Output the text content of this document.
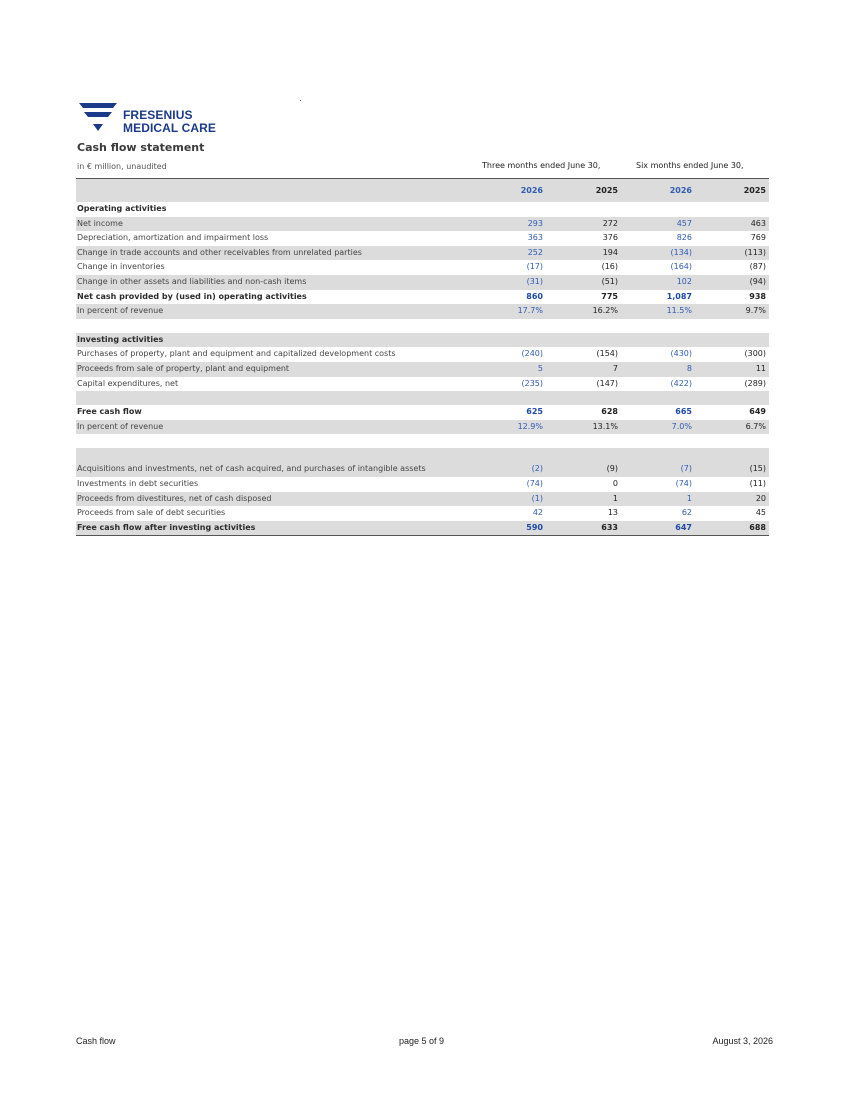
FRESENIUS
MEDICAL CARE
Cash flow statement
in € million, unaudited	Three months ended June 30,	Six months ended June 30,
2026	2025	2026	2025
Operating activities
Net income	293	272	457	463
Depreciation, amortization and impairment loss	363	376	826	769
Change in trade accounts and other receivables from unrelated parties	252	194	(134)	(113)
Change in inventories	(17)	(16)	(164)	(87)
Change in other assets and liabilities and non-cash items	(31)	(51)	102	(94)
Net cash provided by (used in) operating activities	860	775	1,087	938
In percent of revenue	17.7%	16.2%	11.5%	9.7%
Investing activities
Purchases of property, plant and equipment and capitalized development costs	(240)	(154)	(430)	(300)
Proceeds from sale of property, plant and equipment	5	7	8	11
Capital expenditures, net	(235)	(147)	(422)	(289)
Free cash flow	625	628	665	649
In percent of revenue	12.9%	13.1%	7.0%	6.7%
Acquisitions and investments, net of cash acquired, and purchases of intangible assets	(2)	(9)	(7)	(15)
Investments in debt securities	(74)	0	(74)	(11)
Proceeds from divestitures, net of cash disposed	(1)	1	1	20
Proceeds from sale of debt securities	42	13	62	45
Free cash flow after investing activities	590	633	647	688
Cash flow	page 5 of 9	August 3, 2026
